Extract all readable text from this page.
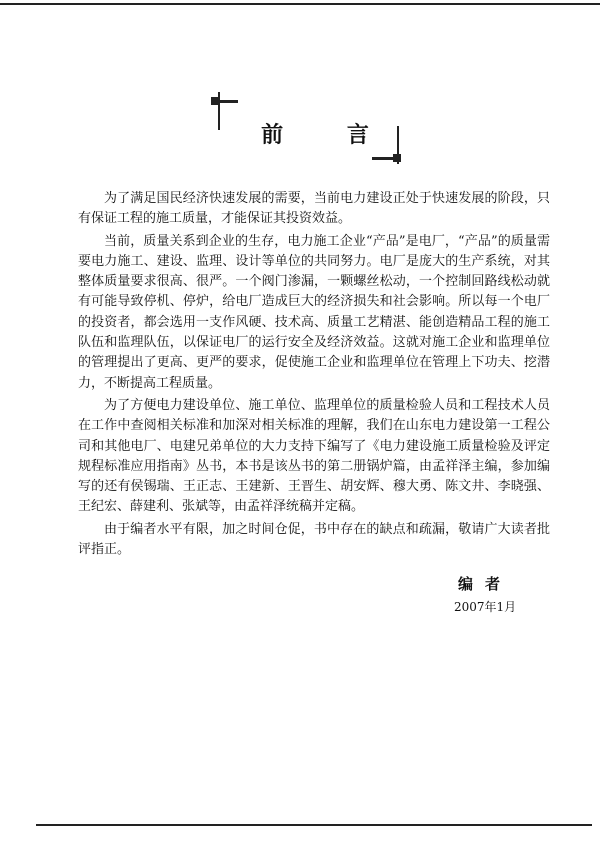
前 言

为了满足国民经济快速发展的需要，当前电力建设正处于快速发展的阶段，只有保证工程的施工质量，才能保证其投资效益。

当前，质量关系到企业的生存，电力施工企业“产品”是电厂，“产品”的质量需要电力施工、建设、监理、设计等单位的共同努力。电厂是庞大的生产系统，对其整体质量要求很高、很严。一个阀门渗漏，一颗螺丝松动，一个控制回路线松动就有可能导致停机、停炉，给电厂造成巨大的经济损失和社会影响。所以每一个电厂的投资者，都会选用一支作风硬、技术高、质量工艺精湛、能创造精品工程的施工队伍和监理队伍，以保证电厂的运行安全及经济效益。这就对施工企业和监理单位的管理提出了更高、更严的要求，促使施工企业和监理单位在管理上下功夫、挖潜力，不断提高工程质量。

为了方便电力建设单位、施工单位、监理单位的质量检验人员和工程技术人员在工作中查阅相关标准和加深对相关标准的理解，我们在山东电力建设第一工程公司和其他电厂、电建兄弟单位的大力支持下编写了《电力建设施工质量检验及评定规程标准应用指南》丛书，本书是该丛书的第二册锅炉篇，由孟祥泽主编，参加编写的还有侯锡瑞、王正志、王建新、王晋生、胡安辉、穆大勇、陈文井、李晓强、王纪宏、薛建利、张斌等，由孟祥泽统稿并定稿。

由于编者水平有限，加之时间仓促，书中存在的缺点和疏漏，敬请广大读者批评指正。

编者
2007年1月
